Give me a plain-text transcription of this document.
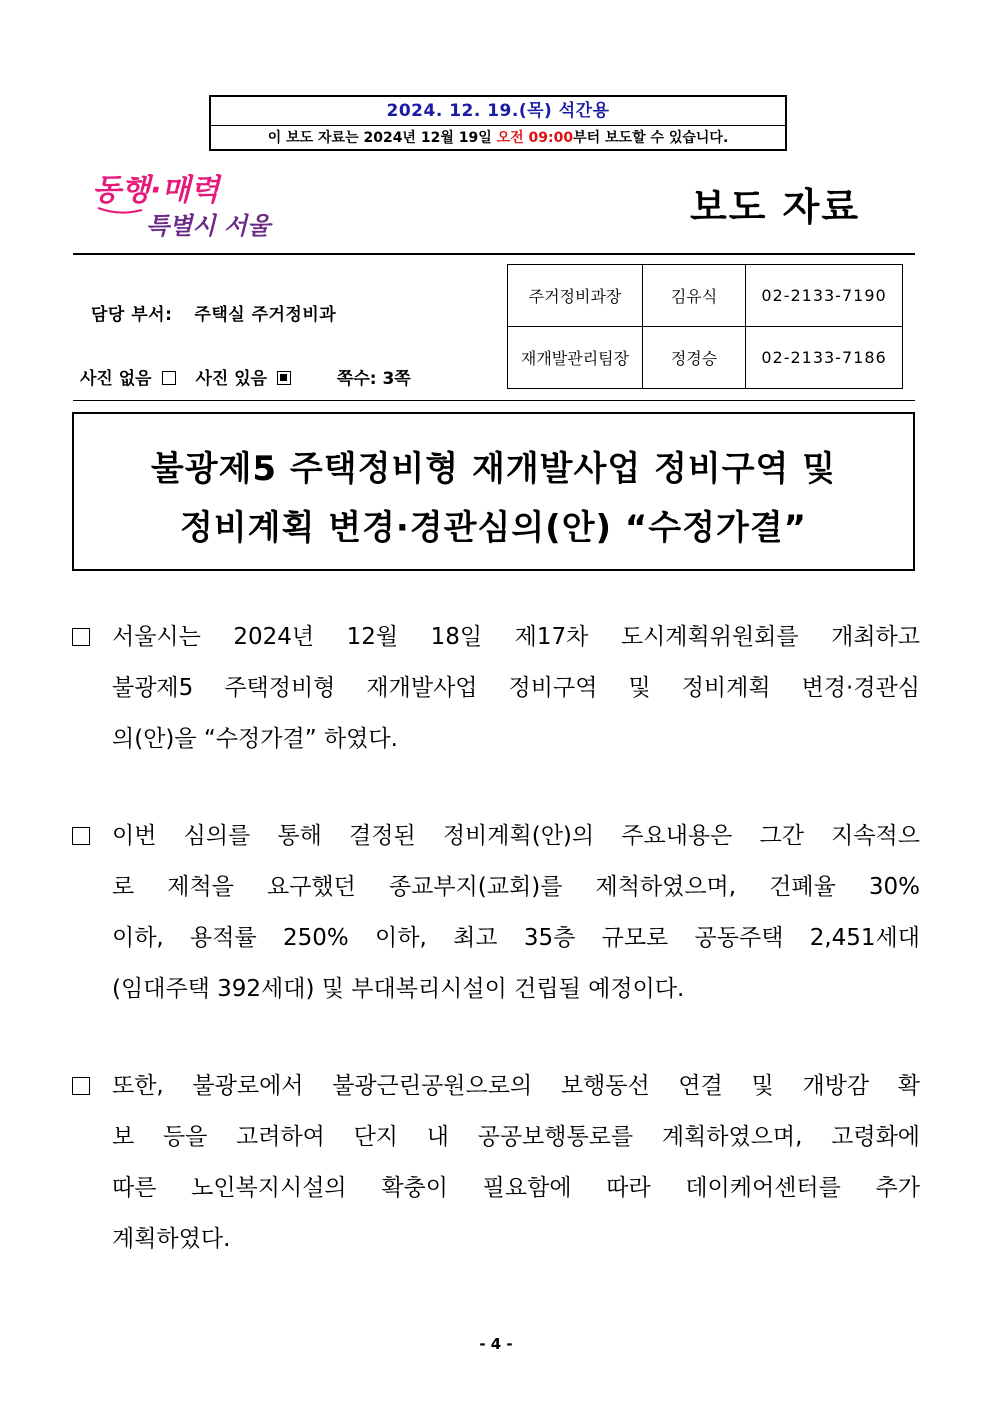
2024. 12. 19.(목) 석간용
이 보도 자료는 2024년 12월 19일 오전 09:00부터 보도할 수 있습니다.
동행·매력
특별시 서울	보도 자료
담당 부서: 주택실 주거정비과
사진 없음	사진 있음	쪽수: 3쪽
주거정비과장	김유식	02-2133-7190
재개발관리팀장	정경승	02-2133-7186
불광제5 주택정비형 재개발사업 정비구역 및
정비계획 변경·경관심의(안) “수정가결”
서울시는 2024년 12월 18일 제17차 도시계획위원회를 개최하고
불광제5 주택정비형 재개발사업 정비구역 및 정비계획 변경·경관심
의(안)을 “수정가결” 하였다.
이번 심의를 통해 결정된 정비계획(안)의 주요내용은 그간 지속적으
로 제척을 요구했던 종교부지(교회)를 제척하였으며, 건폐율 30%
이하, 용적률 250% 이하, 최고 35층 규모로 공동주택 2,451세대
(임대주택 392세대) 및 부대복리시설이 건립될 예정이다.
또한, 불광로에서 불광근린공원으로의 보행동선 연결 및 개방감 확
보 등을 고려하여 단지 내 공공보행통로를 계획하였으며, 고령화에
따른 노인복지시설의 확충이 필요함에 따라 데이케어센터를 추가
계획하였다.
- 4 -
